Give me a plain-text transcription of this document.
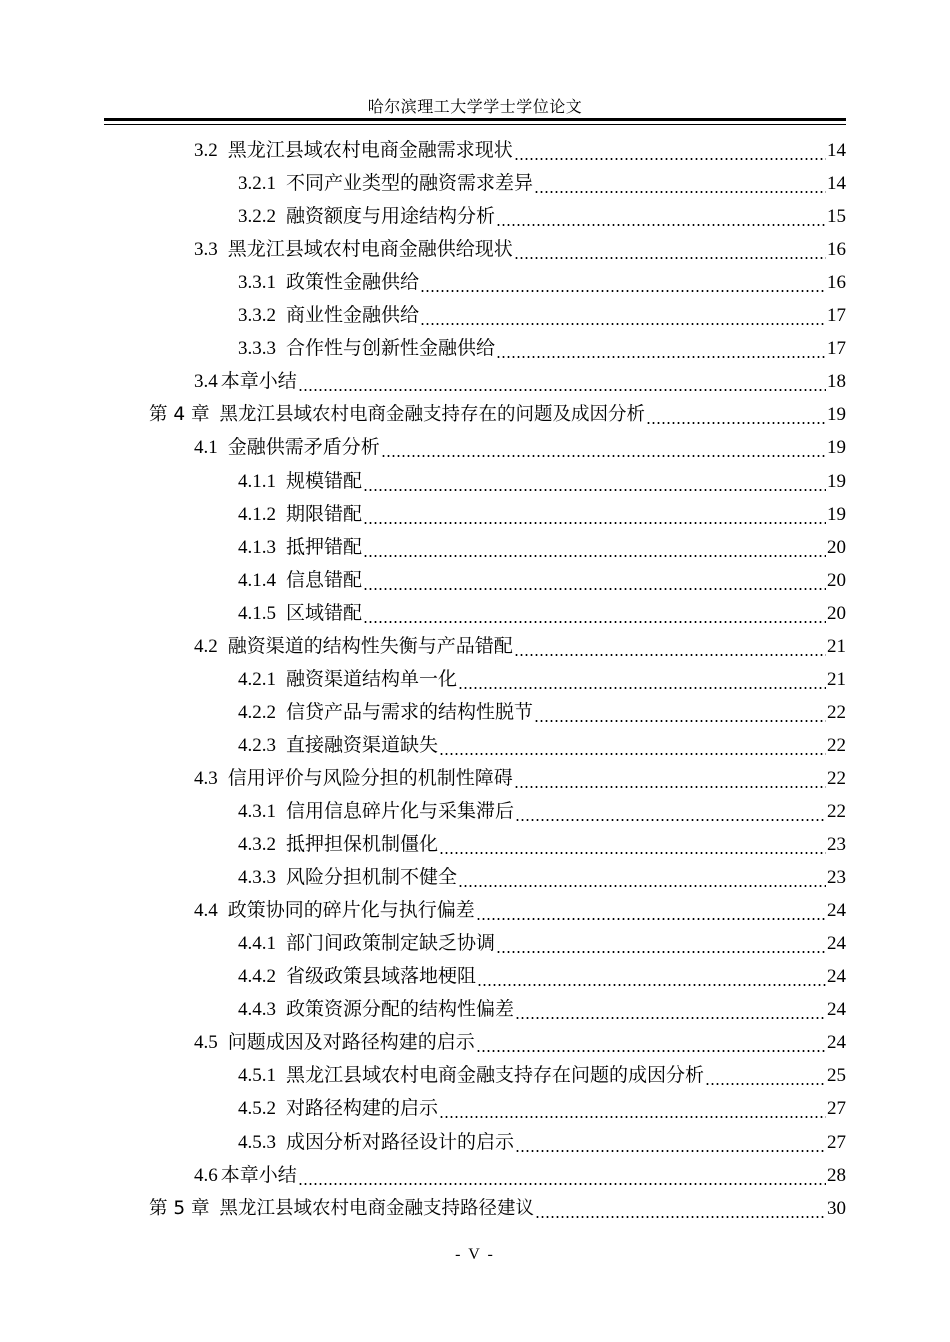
哈尔滨理工大学学士学位论文
3.2 黑龙江县域农村电商金融需求现状	14
3.2.1 不同产业类型的融资需求差异	14
3.2.2 融资额度与用途结构分析	15
3.3 黑龙江县域农村电商金融供给现状	16
3.3.1 政策性金融供给	16
3.3.2 商业性金融供给	17
3.3.3 合作性与创新性金融供给	17
3.4 本章小结	18
第 4 章 黑龙江县域农村电商金融支持存在的问题及成因分析	19
4.1 金融供需矛盾分析	19
4.1.1 规模错配	19
4.1.2 期限错配	19
4.1.3 抵押错配	20
4.1.4 信息错配	20
4.1.5 区域错配	20
4.2 融资渠道的结构性失衡与产品错配	21
4.2.1 融资渠道结构单一化	21
4.2.2 信贷产品与需求的结构性脱节	22
4.2.3 直接融资渠道缺失	22
4.3 信用评价与风险分担的机制性障碍	22
4.3.1 信用信息碎片化与采集滞后	22
4.3.2 抵押担保机制僵化	23
4.3.3 风险分担机制不健全	23
4.4 政策协同的碎片化与执行偏差	24
4.4.1 部门间政策制定缺乏协调	24
4.4.2 省级政策县域落地梗阻	24
4.4.3 政策资源分配的结构性偏差	24
4.5 问题成因及对路径构建的启示	24
4.5.1 黑龙江县域农村电商金融支持存在问题的成因分析	25
4.5.2 对路径构建的启示	27
4.5.3 成因分析对路径设计的启示	27
4.6 本章小结	28
第 5 章 黑龙江县域农村电商金融支持路径建议	30
- V -
